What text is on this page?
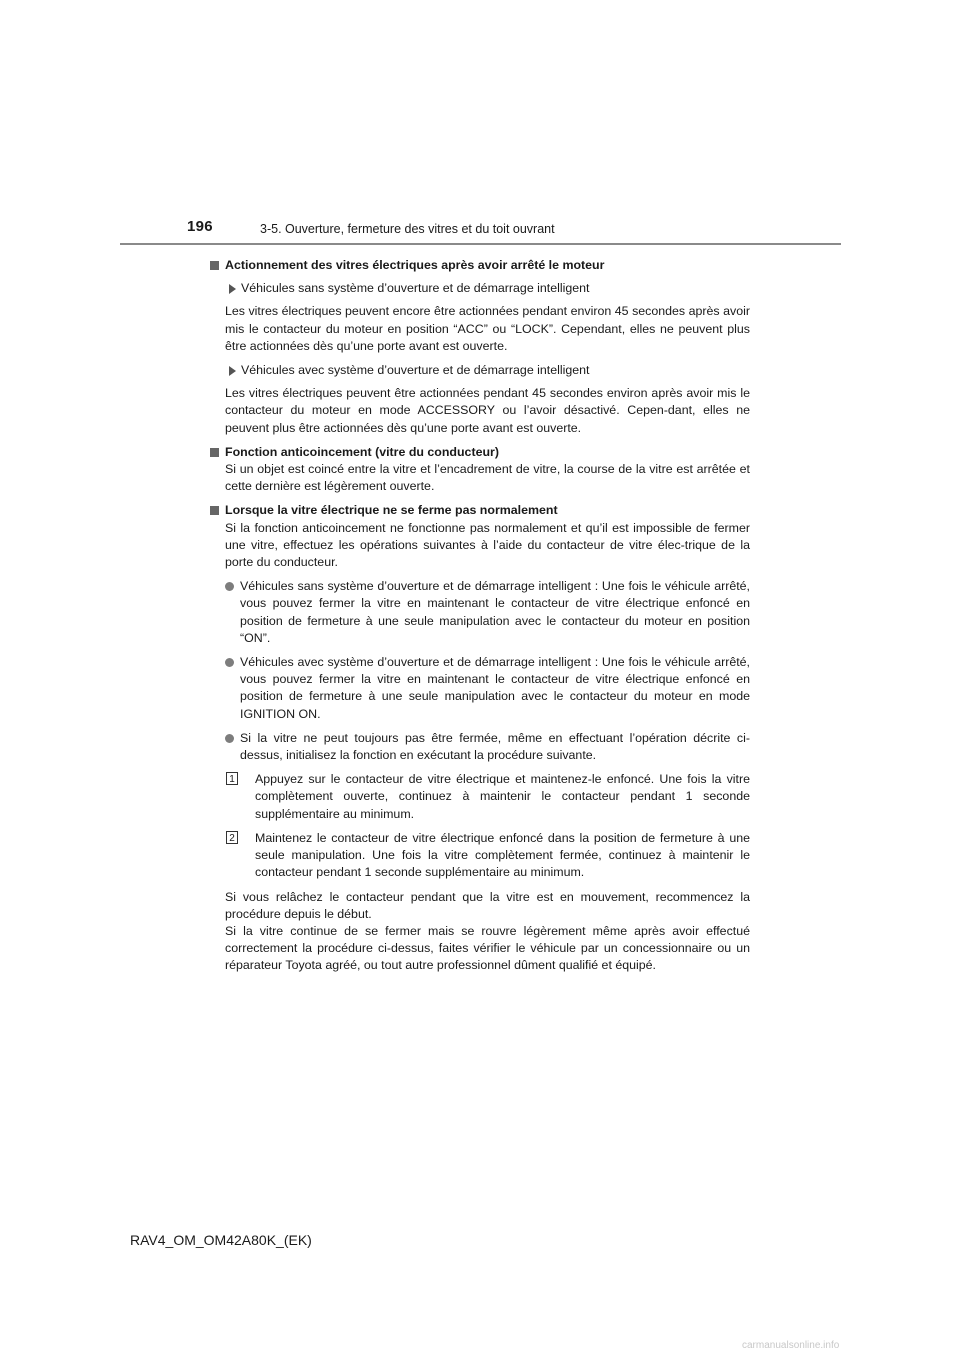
196	3-5. Ouverture, fermeture des vitres et du toit ouvrant
Actionnement des vitres électriques après avoir arrêté le moteur
Véhicules sans système d’ouverture et de démarrage intelligent
Les vitres électriques peuvent encore être actionnées pendant environ 45 secondes après avoir mis le contacteur du moteur en position “ACC” ou “LOCK”. Cependant, elles ne peuvent plus être actionnées dès qu’une porte avant est ouverte.
Véhicules avec système d’ouverture et de démarrage intelligent
Les vitres électriques peuvent être actionnées pendant 45 secondes environ après avoir mis le contacteur du moteur en mode ACCESSORY ou l’avoir désactivé. Cepen-dant, elles ne peuvent plus être actionnées dès qu’une porte avant est ouverte.
Fonction anticoincement (vitre du conducteur)
Si un objet est coincé entre la vitre et l’encadrement de vitre, la course de la vitre est arrêtée et cette dernière est légèrement ouverte.
Lorsque la vitre électrique ne se ferme pas normalement
Si la fonction anticoincement ne fonctionne pas normalement et qu’il est impossible de fermer une vitre, effectuez les opérations suivantes à l’aide du contacteur de vitre élec-trique de la porte du conducteur.
Véhicules sans système d’ouverture et de démarrage intelligent : Une fois le véhicule arrêté, vous pouvez fermer la vitre en maintenant le contacteur de vitre électrique enfoncé en position de fermeture à une seule manipulation avec le contacteur du moteur en position “ON”.
Véhicules avec système d’ouverture et de démarrage intelligent : Une fois le véhicule arrêté, vous pouvez fermer la vitre en maintenant le contacteur de vitre électrique enfoncé en position de fermeture à une seule manipulation avec le contacteur du moteur en mode IGNITION ON.
Si la vitre ne peut toujours pas être fermée, même en effectuant l’opération décrite ci-dessus, initialisez la fonction en exécutant la procédure suivante.
1 Appuyez sur le contacteur de vitre électrique et maintenez-le enfoncé. Une fois la vitre complètement ouverte, continuez à maintenir le contacteur pendant 1 seconde supplémentaire au minimum.
2 Maintenez le contacteur de vitre électrique enfoncé dans la position de fermeture à une seule manipulation. Une fois la vitre complètement fermée, continuez à maintenir le contacteur pendant 1 seconde supplémentaire au minimum.
Si vous relâchez le contacteur pendant que la vitre est en mouvement, recommencez la procédure depuis le début.
Si la vitre continue de se fermer mais se rouvre légèrement même après avoir effectué correctement la procédure ci-dessus, faites vérifier le véhicule par un concessionnaire ou un réparateur Toyota agréé, ou tout autre professionnel dûment qualifié et équipé.
RAV4_OM_OM42A80K_(EK)
carmanualsonline.info
